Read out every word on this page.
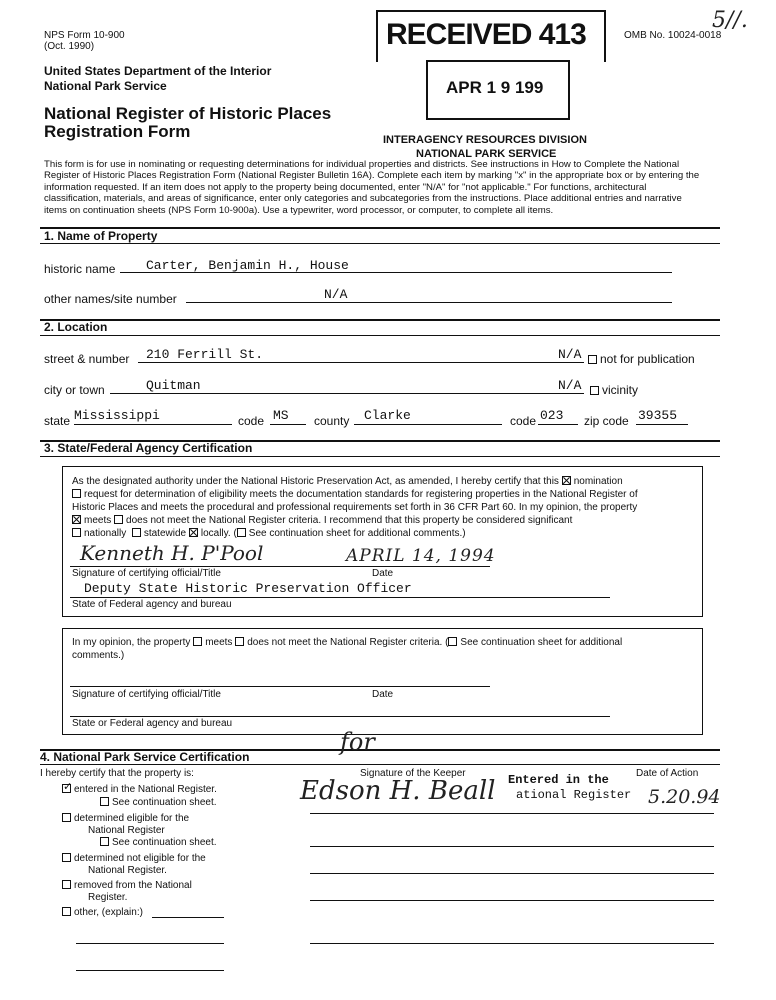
NPS Form 10-900
(Oct. 1990)
OMB No. 10024-0018
5//.
United States Department of the Interior
National Park Service
National Register of Historic Places
Registration Form
RECEIVED 413
APR 1 9 199
INTERAGENCY RESOURCES DIVISION
NATIONAL PARK SERVICE
This form is for use in nominating or requesting determinations for individual properties and districts. See instructions in How to Complete the National Register of Historic Places Registration Form (National Register Bulletin 16A). Complete each item by marking "x" in the appropriate box or by entering the information requested. If an item does not apply to the property being documented, enter "N/A" for "not applicable." For functions, architectural classification, materials, and areas of significance, enter only categories and subcategories from the instructions. Place additional entries and narrative items on continuation sheets (NPS Form 10-900a). Use a typewriter, word processor, or computer, to complete all items.
1. Name of Property
historic name Carter, Benjamin H., House
other names/site number	N/A
2. Location
street & number 210 Ferrill St.	N/A	not for publication
city or town	Quitman	N/A	vicinity
state Mississippi	code MS county Clarke	code 023 zip code 39355
3. State/Federal Agency Certification
As the designated authority under the National Historic Preservation Act, as amended, I hereby certify that this nomination
request for determination of eligibility meets the documentation standards for registering properties in the National Register of
Historic Places and meets the procedural and professional requirements set forth in 36 CFR Part 60. In my opinion, the property
meets does not meet the National Register criteria. I recommend that this property be considered significant
nationally statewide locally. ( See continuation sheet for additional comments.)
Kenneth H. P'Pool	APRIL 14, 1994
Signature of certifying official/Title	Date
Deputy State Historic Preservation Officer
State of Federal agency and bureau
In my opinion, the property meets does not meet the National Register criteria. ( See continuation sheet for additional
comments.)
Signature of certifying official/Title	Date
State or Federal agency and bureau
4. National Park Service Certification
for
I hereby certify that the property is:	Signature of the Keeper	Date of Action
Edson H. Beall Entered in the
ational Register 5.20.94
✓entered in the National Register.
See continuation sheet.
determined eligible for the
National Register
See continuation sheet.
determined not eligible for the
National Register.
removed from the National
Register.
other, (explain:)
